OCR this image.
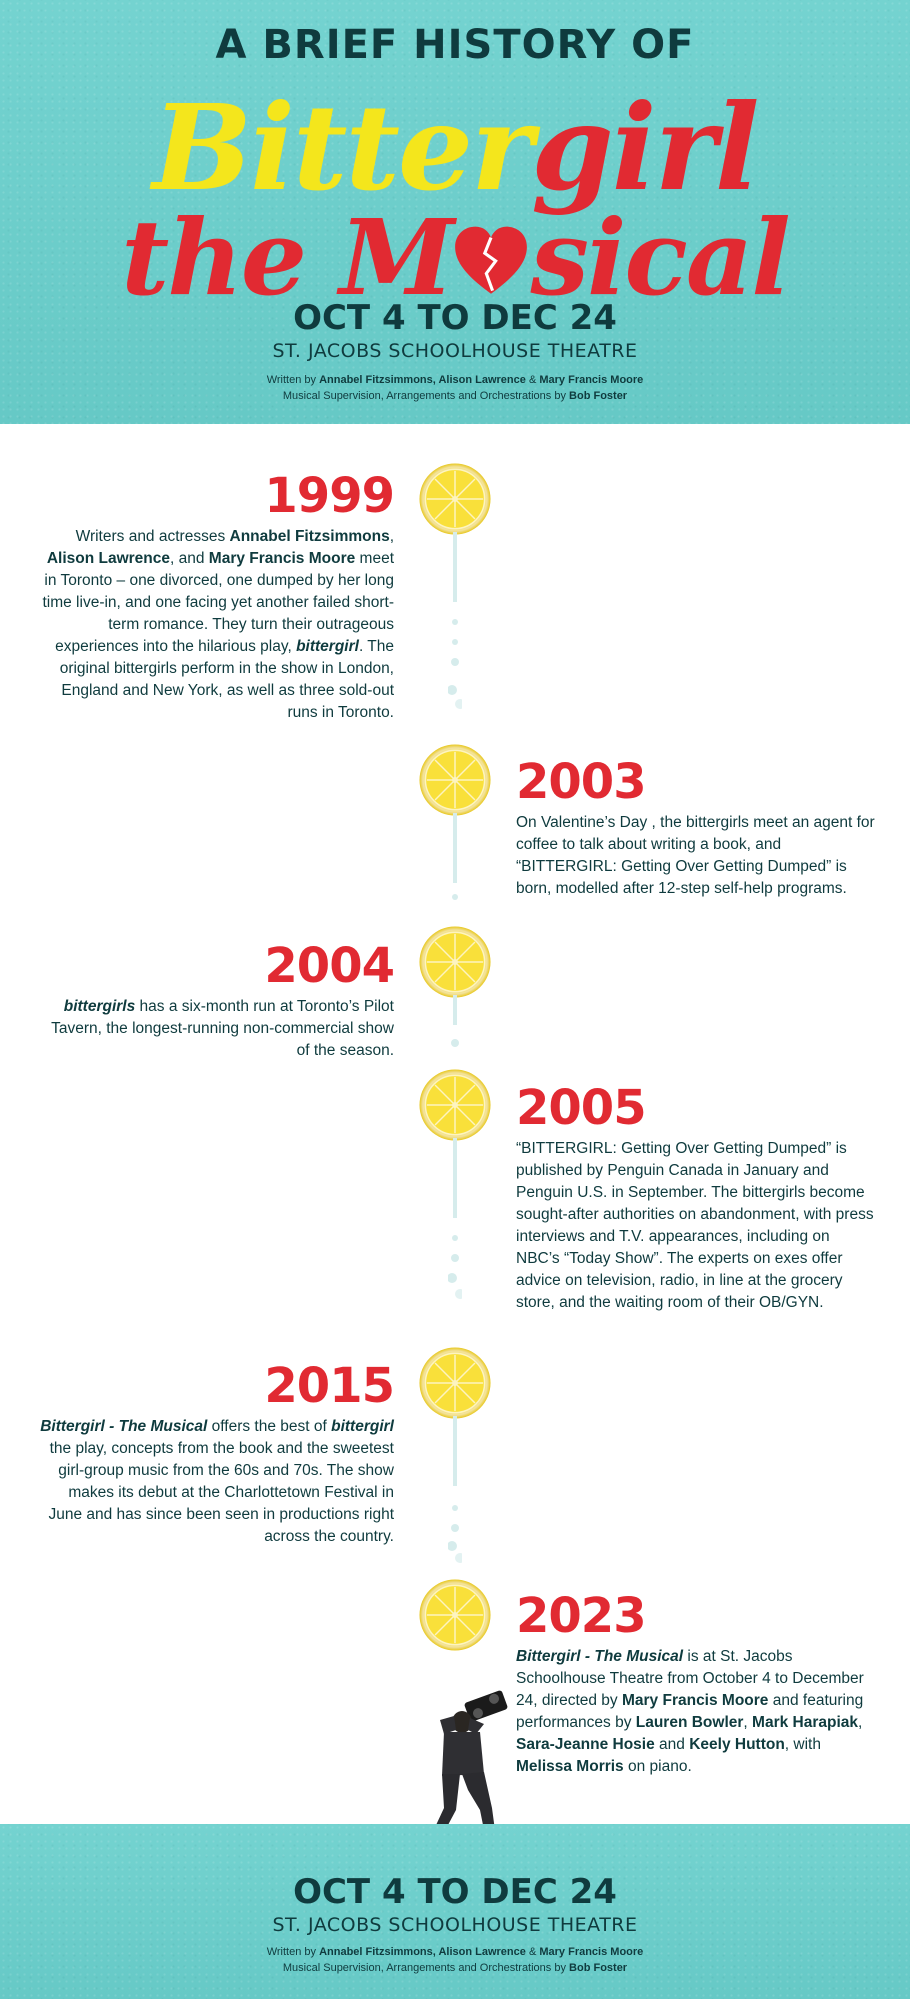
A BRIEF HISTORY OF
Bittergirl
the M sical
OCT 4 TO DEC 24
ST. JACOBS SCHOOLHOUSE THEATRE
Written by Annabel Fitzsimmons, Alison Lawrence & Mary Francis Moore
Musical Supervision, Arrangements and Orchestrations by Bob Foster
1999
Writers and actresses Annabel Fitzsimmons, Alison Lawrence, and Mary Francis Moore meet in Toronto – one divorced, one dumped by her long time live-in, and one facing yet another failed short-term romance. They turn their outrageous experiences into the hilarious play, bittergirl. The original bittergirls perform in the show in London, England and New York, as well as three sold-out runs in Toronto.
2003
On Valentine’s Day , the bittergirls meet an agent for coffee to talk about writing a book, and “BITTERGIRL: Getting Over Getting Dumped” is born, modelled after 12-step self-help programs.
2004
bittergirls has a six-month run at Toronto’s Pilot Tavern, the longest-running non-commercial show of the season.
2005
“BITTERGIRL: Getting Over Getting Dumped” is published by Penguin Canada in January and Penguin U.S. in September. The bittergirls become sought-after authorities on abandonment, with press interviews and T.V. appearances, including on NBC’s “Today Show”. The experts on exes offer advice on television, radio, in line at the grocery store, and the waiting room of their OB/GYN.
2015
Bittergirl - The Musical offers the best of bittergirl the play, concepts from the book and the sweetest girl-group music from the 60s and 70s. The show makes its debut at the Charlottetown Festival in June and has since been seen in productions right across the country.
2023
Bittergirl - The Musical is at St. Jacobs Schoolhouse Theatre from October 4 to December 24, directed by Mary Francis Moore and featuring performances by Lauren Bowler, Mark Harapiak, Sara-Jeanne Hosie and Keely Hutton, with Melissa Morris on piano.
OCT 4 TO DEC 24
ST. JACOBS SCHOOLHOUSE THEATRE
Written by Annabel Fitzsimmons, Alison Lawrence & Mary Francis Moore
Musical Supervision, Arrangements and Orchestrations by Bob Foster
